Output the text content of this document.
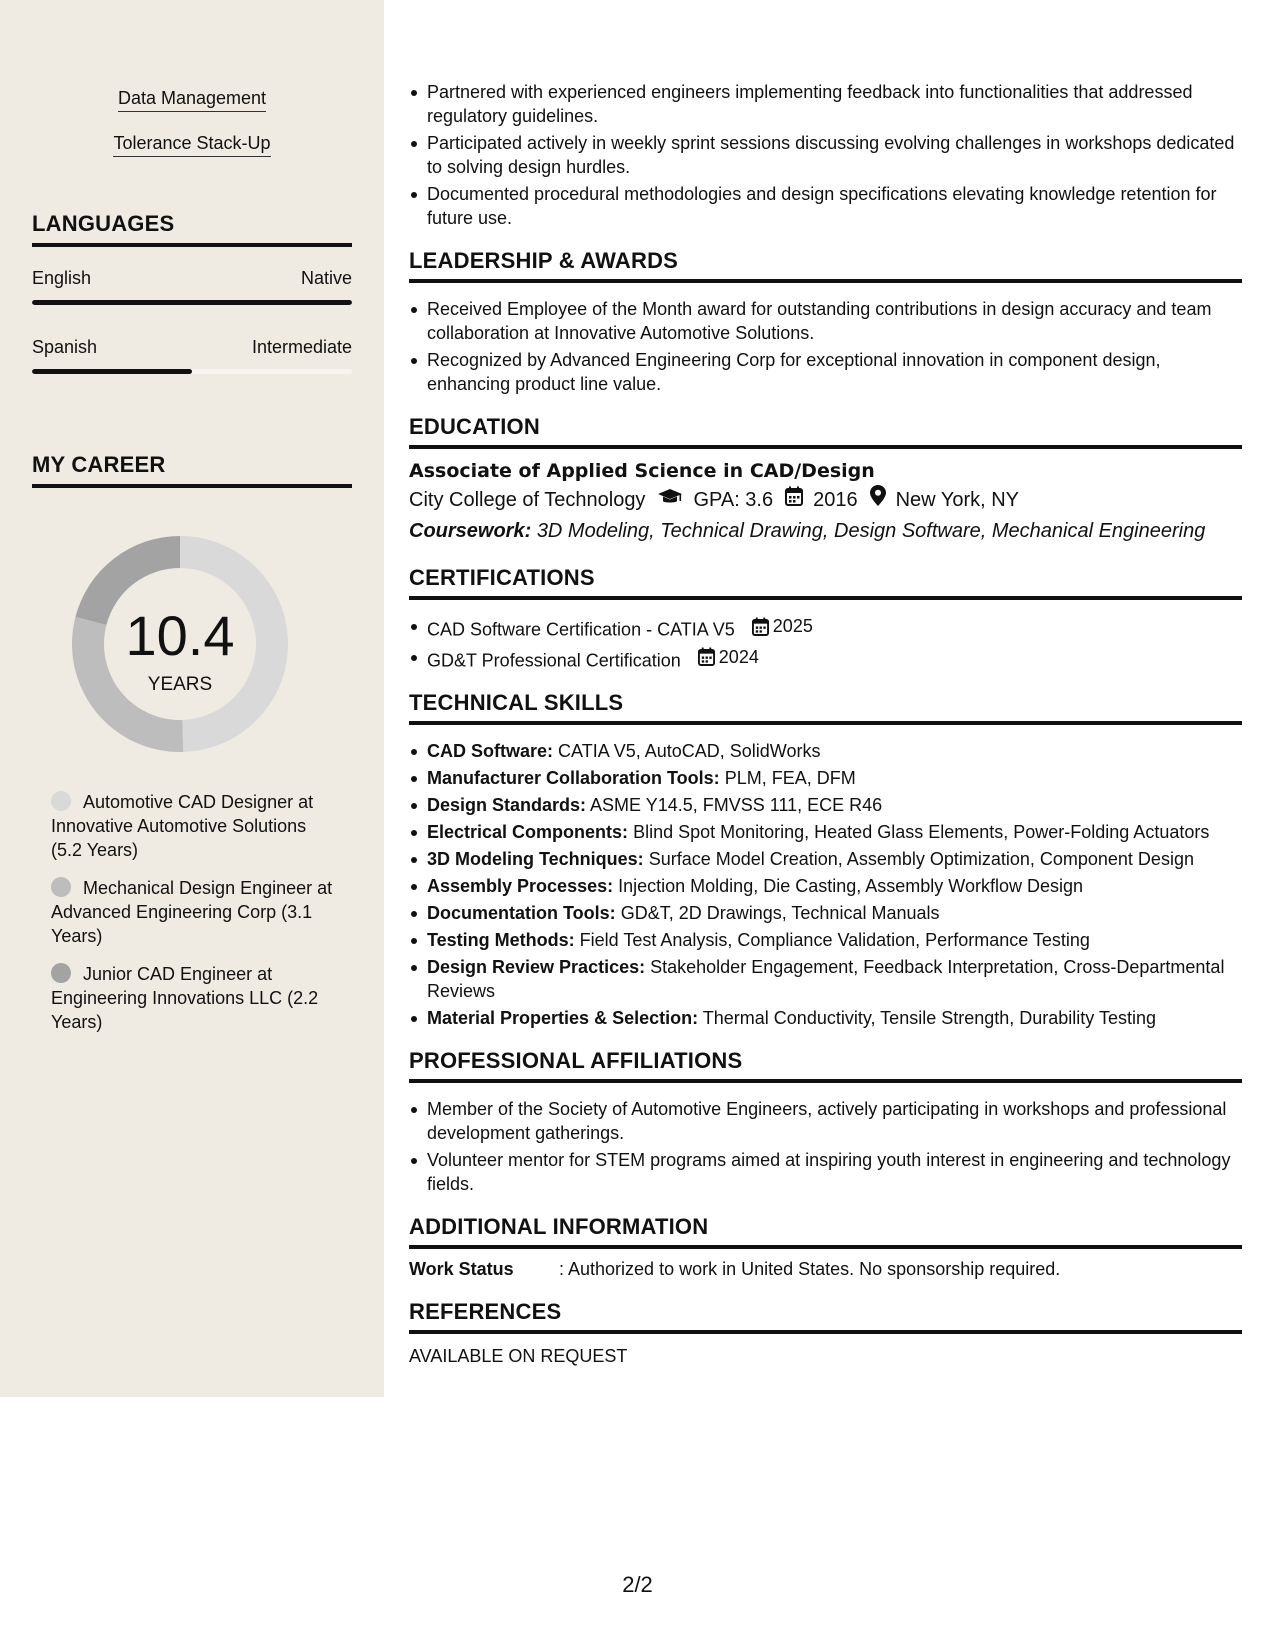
Data Management
Tolerance Stack-Up
LANGUAGES
English	Native
Spanish	Intermediate
MY CAREER
10.4
YEARS
Automotive CAD Designer at Innovative Automotive Solutions (5.2 Years)
Mechanical Design Engineer at Advanced Engineering Corp (3.1 Years)
Junior CAD Engineer at Engineering Innovations LLC (2.2 Years)
Partnered with experienced engineers implementing feedback into functionalities that addressed regulatory guidelines.
Participated actively in weekly sprint sessions discussing evolving challenges in workshops dedicated to solving design hurdles.
Documented procedural methodologies and design specifications elevating knowledge retention for future use.
LEADERSHIP & AWARDS
Received Employee of the Month award for outstanding contributions in design accuracy and team collaboration at Innovative Automotive Solutions.
Recognized by Advanced Engineering Corp for exceptional innovation in component design, enhancing product line value.
EDUCATION
Associate of Applied Science in CAD/Design
City College of Technology GPA: 3.6 2016 New York, NY
Coursework: 3D Modeling, Technical Drawing, Design Software, Mechanical Engineering
CERTIFICATIONS
CAD Software Certification - CATIA V5 2025
GD&T Professional Certification 2024
TECHNICAL SKILLS
CAD Software: CATIA V5, AutoCAD, SolidWorks
Manufacturer Collaboration Tools: PLM, FEA, DFM
Design Standards: ASME Y14.5, FMVSS 111, ECE R46
Electrical Components: Blind Spot Monitoring, Heated Glass Elements, Power-Folding Actuators
3D Modeling Techniques: Surface Model Creation, Assembly Optimization, Component Design
Assembly Processes: Injection Molding, Die Casting, Assembly Workflow Design
Documentation Tools: GD&T, 2D Drawings, Technical Manuals
Testing Methods: Field Test Analysis, Compliance Validation, Performance Testing
Design Review Practices: Stakeholder Engagement, Feedback Interpretation, Cross-Departmental Reviews
Material Properties & Selection: Thermal Conductivity, Tensile Strength, Durability Testing
PROFESSIONAL AFFILIATIONS
Member of the Society of Automotive Engineers, actively participating in workshops and professional development gatherings.
Volunteer mentor for STEM programs aimed at inspiring youth interest in engineering and technology fields.
ADDITIONAL INFORMATION
Work Status	: Authorized to work in United States. No sponsorship required.
REFERENCES
AVAILABLE ON REQUEST
2/2
